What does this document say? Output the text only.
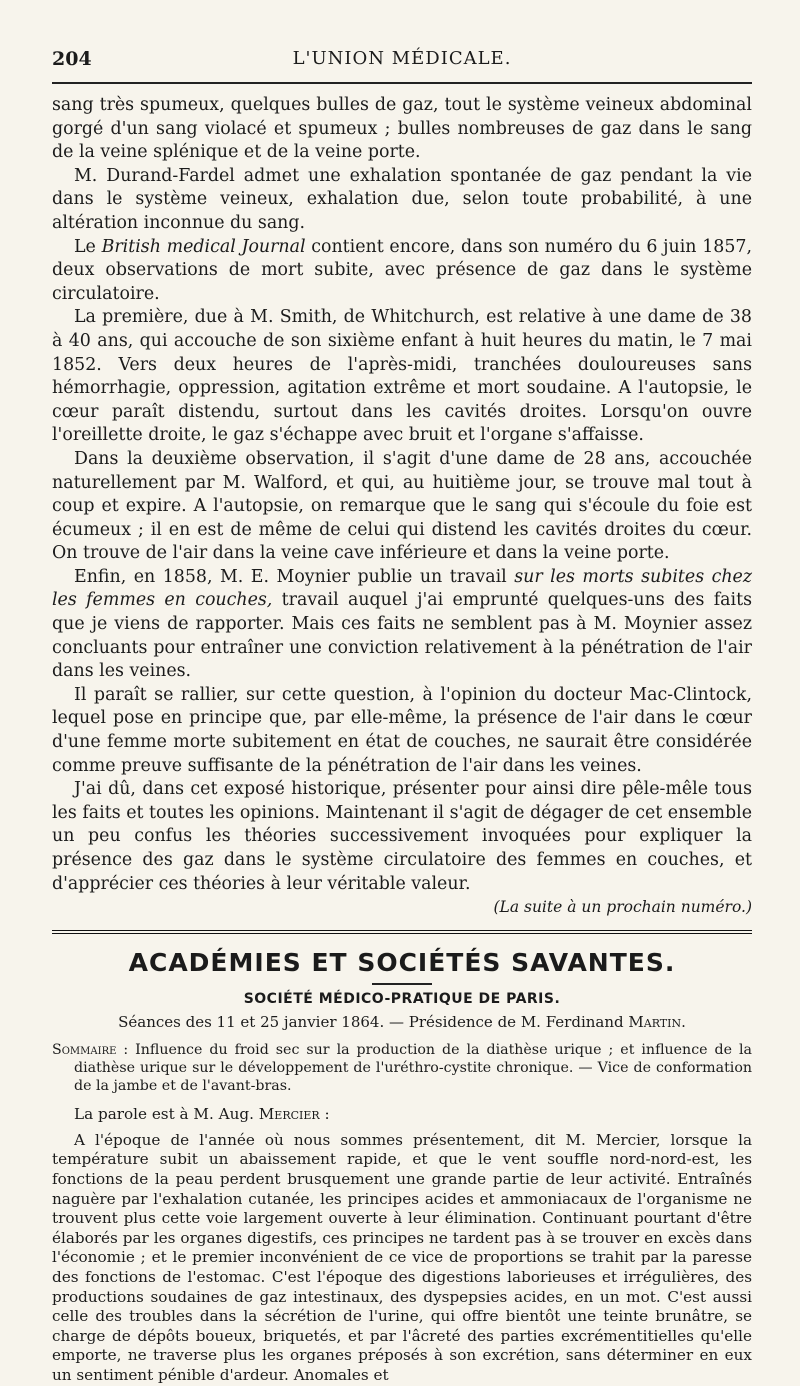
204	L'UNION MÉDICALE.

sang très spumeux, quelques bulles de gaz, tout le système veineux abdominal gorgé d'un sang violacé et spumeux ; bulles nombreuses de gaz dans le sang de la veine splénique et de la veine porte.

M. Durand-Fardel admet une exhalation spontanée de gaz pendant la vie dans le système veineux, exhalation due, selon toute probabilité, à une altération inconnue du sang.

Le British medical Journal contient encore, dans son numéro du 6 juin 1857, deux observations de mort subite, avec présence de gaz dans le système circulatoire.

La première, due à M. Smith, de Whitchurch, est relative à une dame de 38 à 40 ans, qui accouche de son sixième enfant à huit heures du matin, le 7 mai 1852. Vers deux heures de l'après-midi, tranchées douloureuses sans hémorrhagie, oppression, agitation extrême et mort soudaine. A l'autopsie, le cœur paraît distendu, surtout dans les cavités droites. Lorsqu'on ouvre l'oreillette droite, le gaz s'échappe avec bruit et l'organe s'affaisse.

Dans la deuxième observation, il s'agit d'une dame de 28 ans, accouchée naturellement par M. Walford, et qui, au huitième jour, se trouve mal tout à coup et expire. A l'autopsie, on remarque que le sang qui s'écoule du foie est écumeux ; il en est de même de celui qui distend les cavités droites du cœur. On trouve de l'air dans la veine cave inférieure et dans la veine porte.

Enfin, en 1858, M. E. Moynier publie un travail sur les morts subites chez les femmes en couches, travail auquel j'ai emprunté quelques-uns des faits que je viens de rapporter. Mais ces faits ne semblent pas à M. Moynier assez concluants pour entraîner une conviction relativement à la pénétration de l'air dans les veines.

Il paraît se rallier, sur cette question, à l'opinion du docteur Mac-Clintock, lequel pose en principe que, par elle-même, la présence de l'air dans le cœur d'une femme morte subitement en état de couches, ne saurait être considérée comme preuve suffisante de la pénétration de l'air dans les veines.

J'ai dû, dans cet exposé historique, présenter pour ainsi dire pêle-mêle tous les faits et toutes les opinions. Maintenant il s'agit de dégager de cet ensemble un peu confus les théories successivement invoquées pour expliquer la présence des gaz dans le système circulatoire des femmes en couches, et d'apprécier ces théories à leur véritable valeur.

(La suite à un prochain numéro.)
ACADÉMIES ET SOCIÉTÉS SAVANTES.
SOCIÉTÉ MÉDICO-PRATIQUE DE PARIS.
Séances des 11 et 25 janvier 1864. — Présidence de M. Ferdinand Martin.
Sommaire : Influence du froid sec sur la production de la diathèse urique ; et influence de la diathèse urique sur le développement de l'uréthro-cystite chronique. — Vice de conformation de la jambe et de l'avant-bras.

La parole est à M. Aug. Mercier :

A l'époque de l'année où nous sommes présentement, dit M. Mercier, lorsque la température subit un abaissement rapide, et que le vent souffle nord-nord-est, les fonctions de la peau perdent brusquement une grande partie de leur activité. Entraînés naguère par l'exhalation cutanée, les principes acides et ammoniacaux de l'organisme ne trouvent plus cette voie largement ouverte à leur élimination. Continuant pourtant d'être élaborés par les organes digestifs, ces principes ne tardent pas à se trouver en excès dans l'économie ; et le premier inconvénient de ce vice de proportions se trahit par la paresse des fonctions de l'estomac. C'est l'époque des digestions laborieuses et irrégulières, des productions soudaines de gaz intestinaux, des dyspepsies acides, en un mot. C'est aussi celle des troubles dans la sécrétion de l'urine, qui offre bientôt une teinte brunâtre, se charge de dépôts boueux, briquetés, et par l'âcreté des parties excrémentitielles qu'elle emporte, ne traverse plus les organes préposés à son excrétion, sans déterminer en eux un sentiment pénible d'ardeur. Anomales et
